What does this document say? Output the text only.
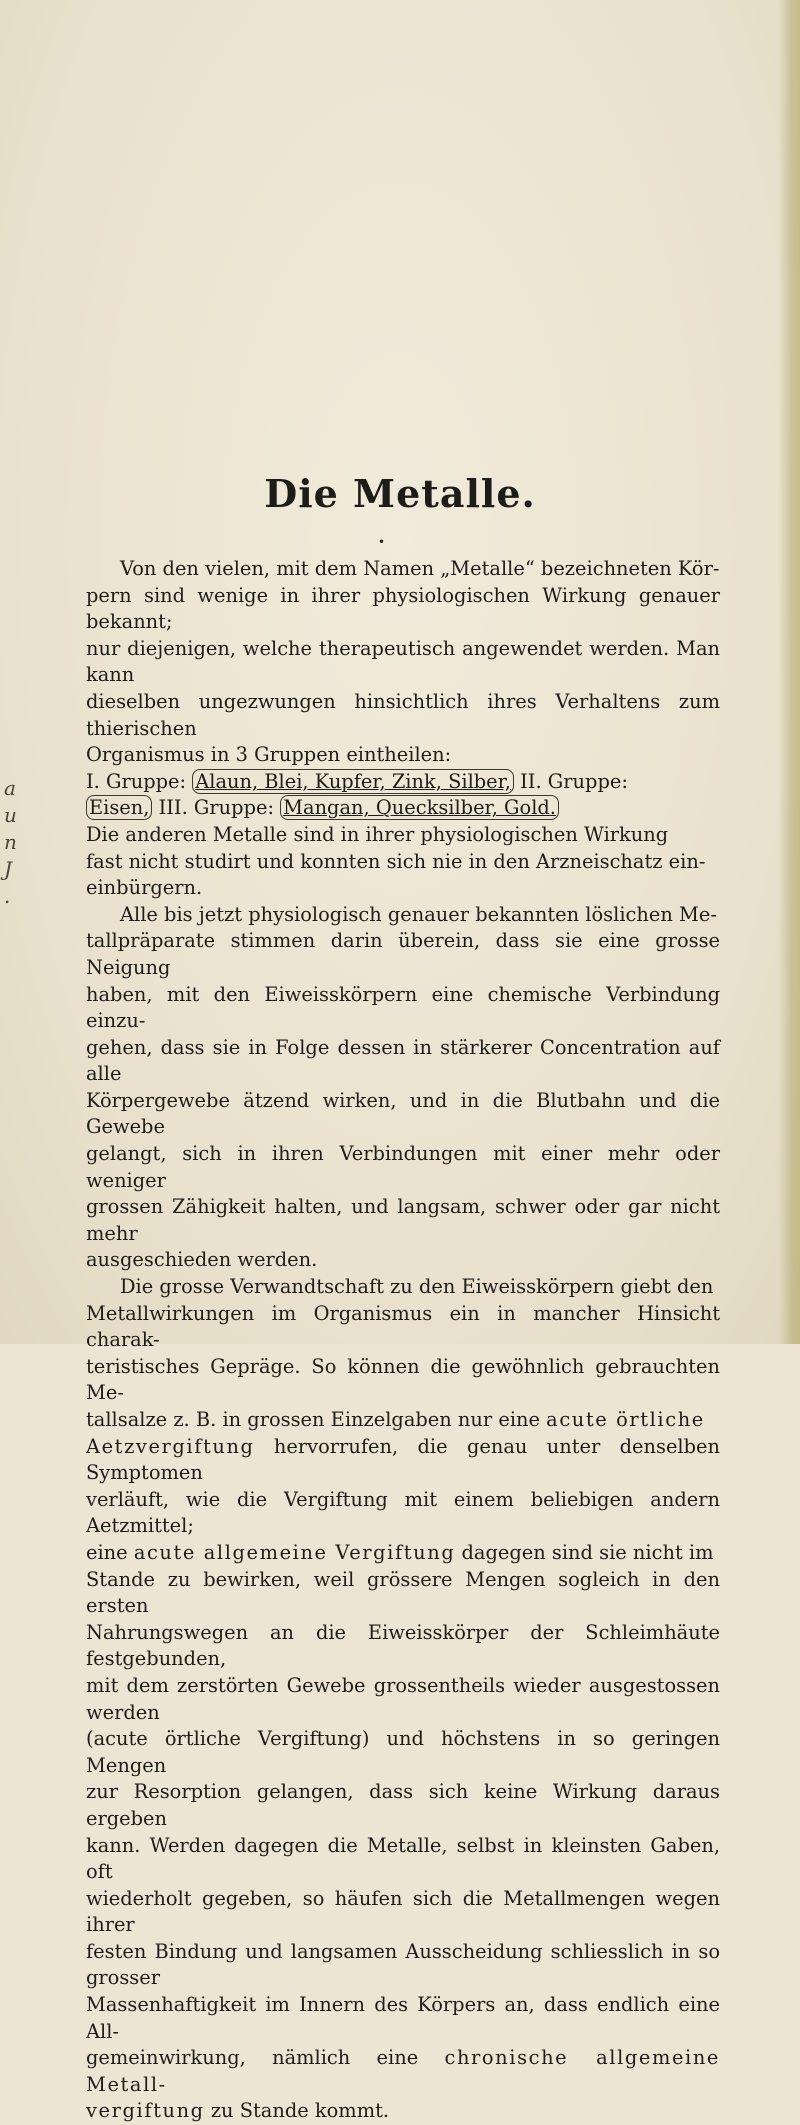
Die Metalle.
•
a
u
n
J
.

Von den vielen, mit dem Namen „Metalle“ bezeichneten Kör-
pern sind wenige in ihrer physiologischen Wirkung genauer bekannt;
nur diejenigen, welche therapeutisch angewendet werden. Man kann
dieselben ungezwungen hinsichtlich ihres Verhaltens zum thierischen
Organismus in 3 Gruppen eintheilen:
I. Gruppe: Alaun, Blei, Kupfer, Zink, Silber, II. Gruppe:
Eisen, III. Gruppe: Mangan, Quecksilber, Gold.
Die anderen Metalle sind in ihrer physiologischen Wirkung
fast nicht studirt und konnten sich nie in den Arzneischatz ein-
einbürgern.

Alle bis jetzt physiologisch genauer bekannten löslichen Me-
tallpräparate stimmen darin überein, dass sie eine grosse Neigung
haben, mit den Eiweisskörpern eine chemische Verbindung einzu-
gehen, dass sie in Folge dessen in stärkerer Concentration auf alle
Körpergewebe ätzend wirken, und in die Blutbahn und die Gewebe
gelangt, sich in ihren Verbindungen mit einer mehr oder weniger
grossen Zähigkeit halten, und langsam, schwer oder gar nicht mehr
ausgeschieden werden.

Die grosse Verwandtschaft zu den Eiweisskörpern giebt den
Metallwirkungen im Organismus ein in mancher Hinsicht charak-
teristisches Gepräge. So können die gewöhnlich gebrauchten Me-
tallsalze z. B. in grossen Einzelgaben nur eine acute örtliche
Aetzvergiftung hervorrufen, die genau unter denselben Symptomen
verläuft, wie die Vergiftung mit einem beliebigen andern Aetzmittel;
eine acute allgemeine Vergiftung dagegen sind sie nicht im
Stande zu bewirken, weil grössere Mengen sogleich in den ersten
Nahrungswegen an die Eiweisskörper der Schleimhäute festgebunden,
mit dem zerstörten Gewebe grossentheils wieder ausgestossen werden
(acute örtliche Vergiftung) und höchstens in so geringen Mengen
zur Resorption gelangen, dass sich keine Wirkung daraus ergeben
kann. Werden dagegen die Metalle, selbst in kleinsten Gaben, oft
wiederholt gegeben, so häufen sich die Metallmengen wegen ihrer
festen Bindung und langsamen Ausscheidung schliesslich in so grosser
Massenhaftigkeit im Innern des Körpers an, dass endlich eine All-
gemeinwirkung, nämlich eine chronische allgemeine Metall-
vergiftung zu Stande kommt.
